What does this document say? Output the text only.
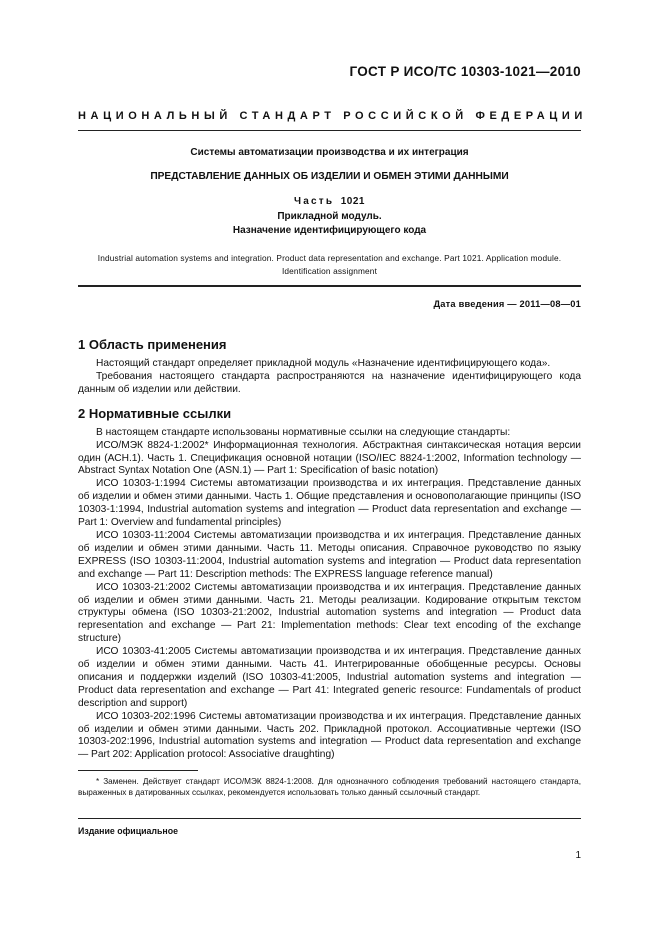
ГОСТ Р ИСО/ТС 10303-1021—2010
НАЦИОНАЛЬНЫЙ СТАНДАРТ РОССИЙСКОЙ ФЕДЕРАЦИИ
Системы автоматизации производства и их интеграция
ПРЕДСТАВЛЕНИЕ ДАННЫХ ОБ ИЗДЕЛИИ И ОБМЕН ЭТИМИ ДАННЫМИ
Часть 1021
Прикладной модуль.
Назначение идентифицирующего кода
Industrial automation systems and integration. Product data representation and exchange. Part 1021. Application module. Identification assignment
Дата введения — 2011—08—01
1 Область применения

Настоящий стандарт определяет прикладной модуль «Назначение идентифицирующего кода».

Требования настоящего стандарта распространяются на назначение идентифицирующего кода данным об изделии или действии.

2 Нормативные ссылки

В настоящем стандарте использованы нормативные ссылки на следующие стандарты:

ИСО/МЭК 8824-1:2002* Информационная технология. Абстрактная синтаксическая нотация версии один (АСН.1). Часть 1. Спецификация основной нотации (ISO/IEC 8824-1:2002, Information technology — Abstract Syntax Notation One (ASN.1) — Part 1: Specification of basic notation)

ИСО 10303-1:1994 Системы автоматизации производства и их интеграция. Представление данных об изделии и обмен этими данными. Часть 1. Общие представления и основополагающие принципы (ISO 10303-1:1994, Industrial automation systems and integration — Product data representation and exchange — Part 1: Overview and fundamental principles)

ИСО 10303-11:2004 Системы автоматизации производства и их интеграция. Представление данных об изделии и обмен этими данными. Часть 11. Методы описания. Справочное руководство по языку EXPRESS (ISO 10303-11:2004, Industrial automation systems and integration — Product data representation and exchange — Part 11: Description methods: The EXPRESS language reference manual)

ИСО 10303-21:2002 Системы автоматизации производства и их интеграция. Представление данных об изделии и обмен этими данными. Часть 21. Методы реализации. Кодирование открытым текстом структуры обмена (ISO 10303-21:2002, Industrial automation systems and integration — Product data representation and exchange — Part 21: Implementation methods: Clear text encoding of the exchange structure)

ИСО 10303-41:2005 Системы автоматизации производства и их интеграция. Представление данных об изделии и обмен этими данными. Часть 41. Интегрированные обобщенные ресурсы. Основы описания и поддержки изделий (ISO 10303-41:2005, Industrial automation systems and integration — Product data representation and exchange — Part 41: Integrated generic resource: Fundamentals of product description and support)

ИСО 10303-202:1996 Системы автоматизации производства и их интеграция. Представление данных об изделии и обмен этими данными. Часть 202. Прикладной протокол. Ассоциативные чертежи (ISO 10303-202:1996, Industrial automation systems and integration — Product data representation and exchange — Part 202: Application protocol: Associative draughting)

* Заменен. Действует стандарт ИСО/МЭК 8824-1:2008. Для однозначного соблюдения требований настоящего стандарта, выраженных в датированных ссылках, рекомендуется использовать только данный ссылочный стандарт.
Издание официальное
1
